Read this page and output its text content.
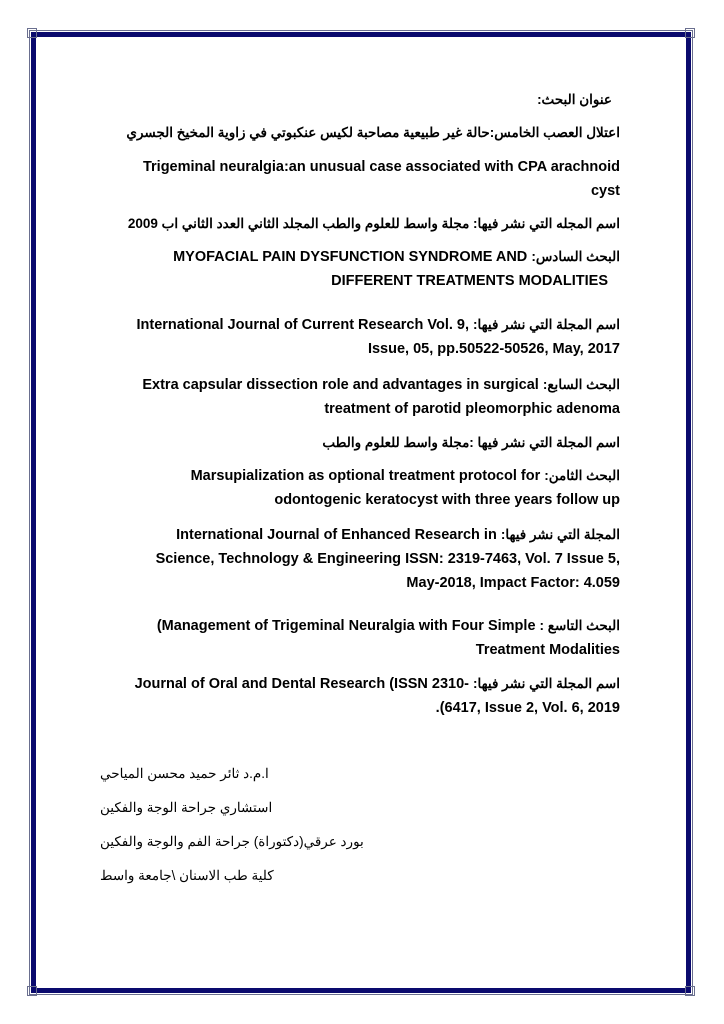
عنوان البحث:
اعتلال العصب الخامس:حالة غير طبيعية مصاحبة لكيس عنكبوتي في زاوية المخيخ الجسري
Trigeminal neuralgia:an unusual case associated with CPA arachnoid
cyst
اسم المجله التي نشر فيها: مجلة واسط للعلوم والطب المجلد الثاني العدد الثاني اب 2009
البحث السادس: MYOFACIAL PAIN DYSFUNCTION SYNDROME AND
DIFFERENT TREATMENTS MODALITIES
اسم المجلة التي نشر فيها: International Journal of Current Research Vol. 9,
Issue, 05, pp.50522-50526, May, 2017
البحث السابع: Extra capsular dissection role and advantages in surgical
treatment of parotid pleomorphic adenoma
اسم المجلة التي نشر فيها :مجلة واسط للعلوم والطب
البحث الثامن: Marsupialization as optional treatment protocol for
odontogenic keratocyst with three years follow up
المجلة التي نشر فيها: International Journal of Enhanced Research in
Science, Technology & Engineering ISSN: 2319-7463, Vol. 7 Issue 5,
May-2018, Impact Factor: 4.059
البحث التاسع : (Management of Trigeminal Neuralgia with Four Simple
Treatment Modalities
اسم المجلة التي نشر فيها: Journal of Oral and Dental Research (ISSN 2310-
.(6417, Issue 2, Vol. 6, 2019
ا.م.د ثائر حميد محسن المياحي
استشاري جراحة الوجة والفكين
بورد عرقي(دكتوراة) جراحة الفم والوجة والفكين
كلية طب الاسنان \جامعة واسط
